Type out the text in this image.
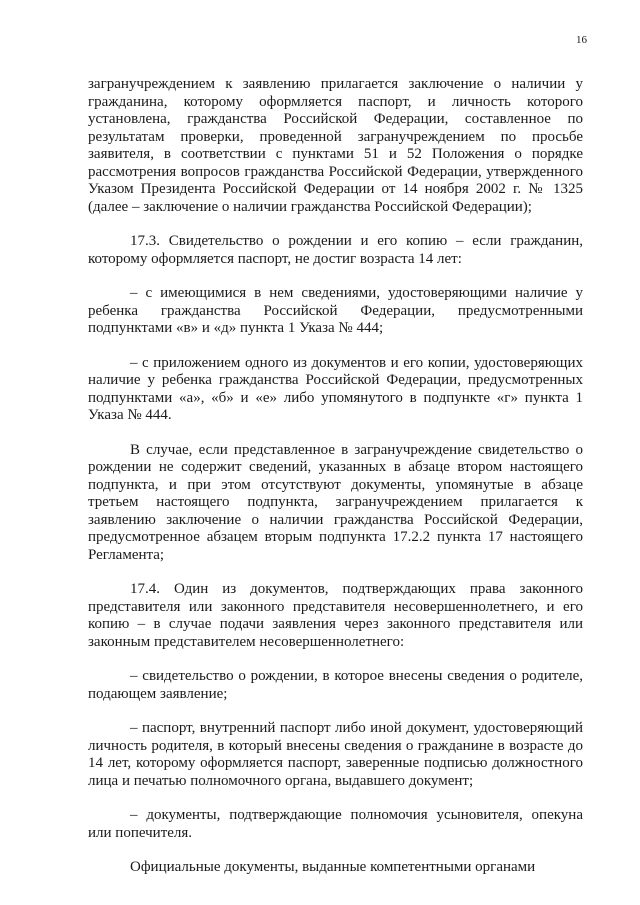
16

загранучреждением к заявлению прилагается заключение о наличии у гражданина, которому оформляется паспорт, и личность которого установлена, гражданства Российской Федерации, составленное по результатам проверки, проведенной загранучреждением по просьбе заявителя, в соответствии с пунктами 51 и 52 Положения о порядке рассмотрения вопросов гражданства Российской Федерации, утвержденного Указом Президента Российской Федерации от 14 ноября 2002 г. № 1325 (далее – заключение о наличии гражданства Российской Федерации);

17.3. Свидетельство о рождении и его копию – если гражданин, которому оформляется паспорт, не достиг возраста 14 лет:

– с имеющимися в нем сведениями, удостоверяющими наличие у ребенка гражданства Российской Федерации, предусмотренными подпунктами «в» и «д» пункта 1 Указа № 444;

– с приложением одного из документов и его копии, удостоверяющих наличие у ребенка гражданства Российской Федерации, предусмотренных подпунктами «а», «б» и «е» либо упомянутого в подпункте «г» пункта 1 Указа № 444.

В случае, если представленное в загранучреждение свидетельство о рождении не содержит сведений, указанных в абзаце втором настоящего подпункта, и при этом отсутствуют документы, упомянутые в абзаце третьем настоящего подпункта, загранучреждением прилагается к заявлению заключение о наличии гражданства Российской Федерации, предусмотренное абзацем вторым подпункта 17.2.2 пункта 17 настоящего Регламента;

17.4. Один из документов, подтверждающих права законного представителя или законного представителя несовершеннолетнего, и его копию – в случае подачи заявления через законного представителя или законным представителем несовершеннолетнего:

– свидетельство о рождении, в которое внесены сведения о родителе, подающем заявление;

– паспорт, внутренний паспорт либо иной документ, удостоверяющий личность родителя, в который внесены сведения о гражданине в возрасте до 14 лет, которому оформляется паспорт, заверенные подписью должностного лица и печатью полномочного органа, выдавшего документ;

– документы, подтверждающие полномочия усыновителя, опекуна или попечителя.

Официальные документы, выданные компетентными органами
